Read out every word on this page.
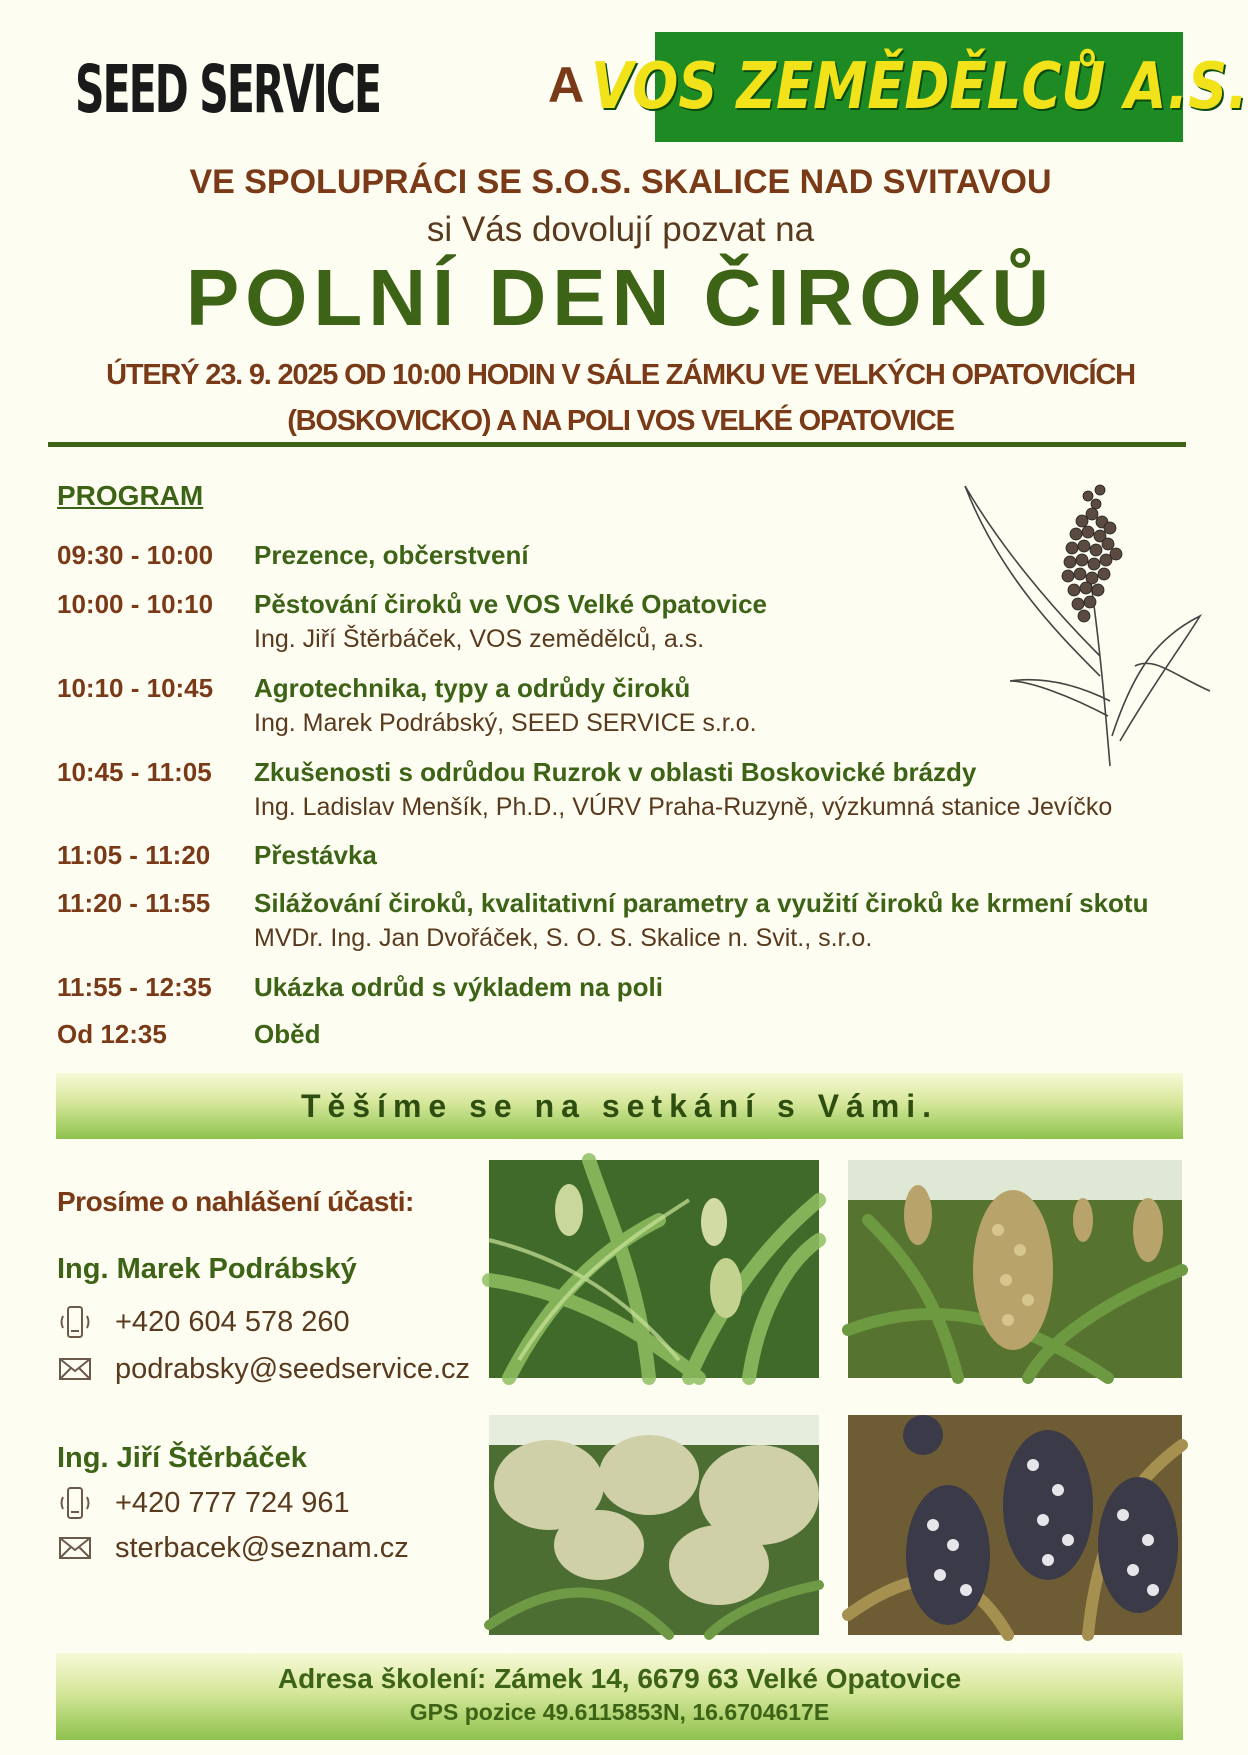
SEED SERVICE	A VOS ZEMĚDĚLCŮ A.S.
VE SPOLUPRÁCI SE S.O.S. SKALICE NAD SVITAVOU
si Vás dovolují pozvat na
POLNÍ DEN ČIROKŮ
ÚTERÝ 23. 9. 2025 OD 10:00 HODIN V SÁLE ZÁMKU VE VELKÝCH OPATOVICÍCH
(BOSKOVICKO) A NA POLI VOS VELKÉ OPATOVICE
PROGRAM
09:30 - 10:00	Prezence, občerstvení
10:00 - 10:10	Pěstování čiroků ve VOS Velké Opatovice
Ing. Jiří Štěrbáček, VOS zemědělců, a.s.
10:10 - 10:45	Agrotechnika, typy a odrůdy čiroků
Ing. Marek Podrábský, SEED SERVICE s.r.o.
10:45 - 11:05	Zkušenosti s odrůdou Ruzrok v oblasti Boskovické brázdy
Ing. Ladislav Menšík, Ph.D., VÚRV Praha-Ruzyně, výzkumná stanice Jevíčko
11:05 - 11:20	Přestávka
11:20 - 11:55	Silážování čiroků, kvalitativní parametry a využití čiroků ke krmení skotu
MVDr. Ing. Jan Dvořáček, S. O. S. Skalice n. Svit., s.r.o.
11:55 - 12:35	Ukázka odrůd s výkladem na poli
Od 12:35	Oběd
Těšíme se na setkání s Vámi.
Prosíme o nahlášení účasti:
Ing. Marek Podrábský
+420 604 578 260
podrabsky@seedservice.cz
Ing. Jiří Štěrbáček
+420 777 724 961
sterbacek@seznam.cz
Adresa školení: Zámek 14, 6679 63 Velké Opatovice
GPS pozice 49.6115853N, 16.6704617E
